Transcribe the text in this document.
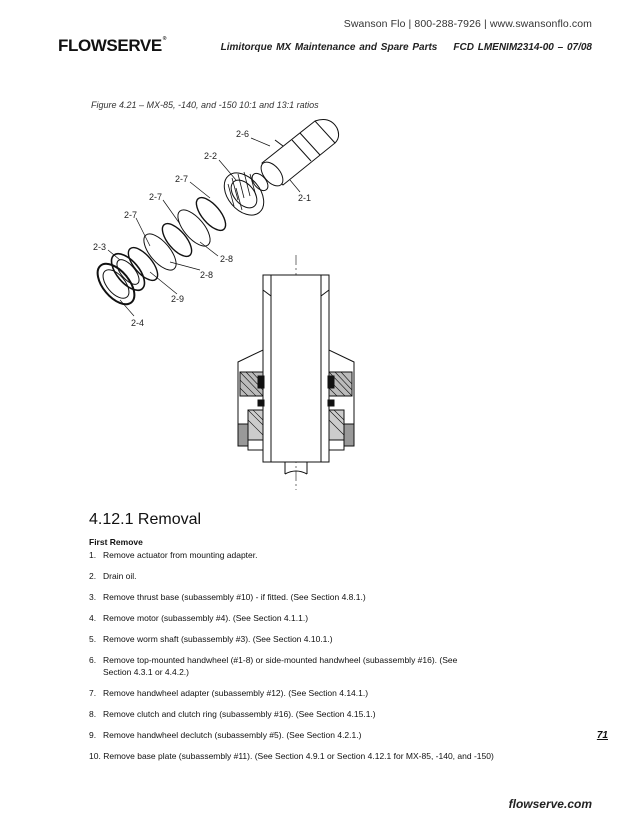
Swanson Flo | 800-288-7926 | www.swansonflo.com
FLOWSERVE®
Limitorque MX Maintenance and Spare Parts FCD LMENIM2314-00 – 07/08
Figure 4.21 – MX-85, -140, and -150 10:1 and 13:1 ratios
2-6
2-2
2-7
2-1
2-7
2-7
2-8
2-8
2-3
2-9
2-4
4.12.1 Removal
First Remove
1. Remove actuator from mounting adapter.
2. Drain oil.
3. Remove thrust base (subassembly #10) - if fitted. (See Section 4.8.1.)
4. Remove motor (subassembly #4). (See Section 4.1.1.)
5. Remove worm shaft (subassembly #3). (See Section 4.10.1.)
6. Remove top-mounted handwheel (#1-8) or side-mounted handwheel (subassembly #16). (See
Section 4.3.1 or 4.4.2.)
7. Remove handwheel adapter (subassembly #12). (See Section 4.14.1.)
8. Remove clutch and clutch ring (subassembly #16). (See Section 4.15.1.)
9. Remove handwheel declutch (subassembly #5). (See Section 4.2.1.)
10. Remove base plate (subassembly #11). (See Section 4.9.1 or Section 4.12.1 for MX-85, -140, and -150)
71
flowserve.com
